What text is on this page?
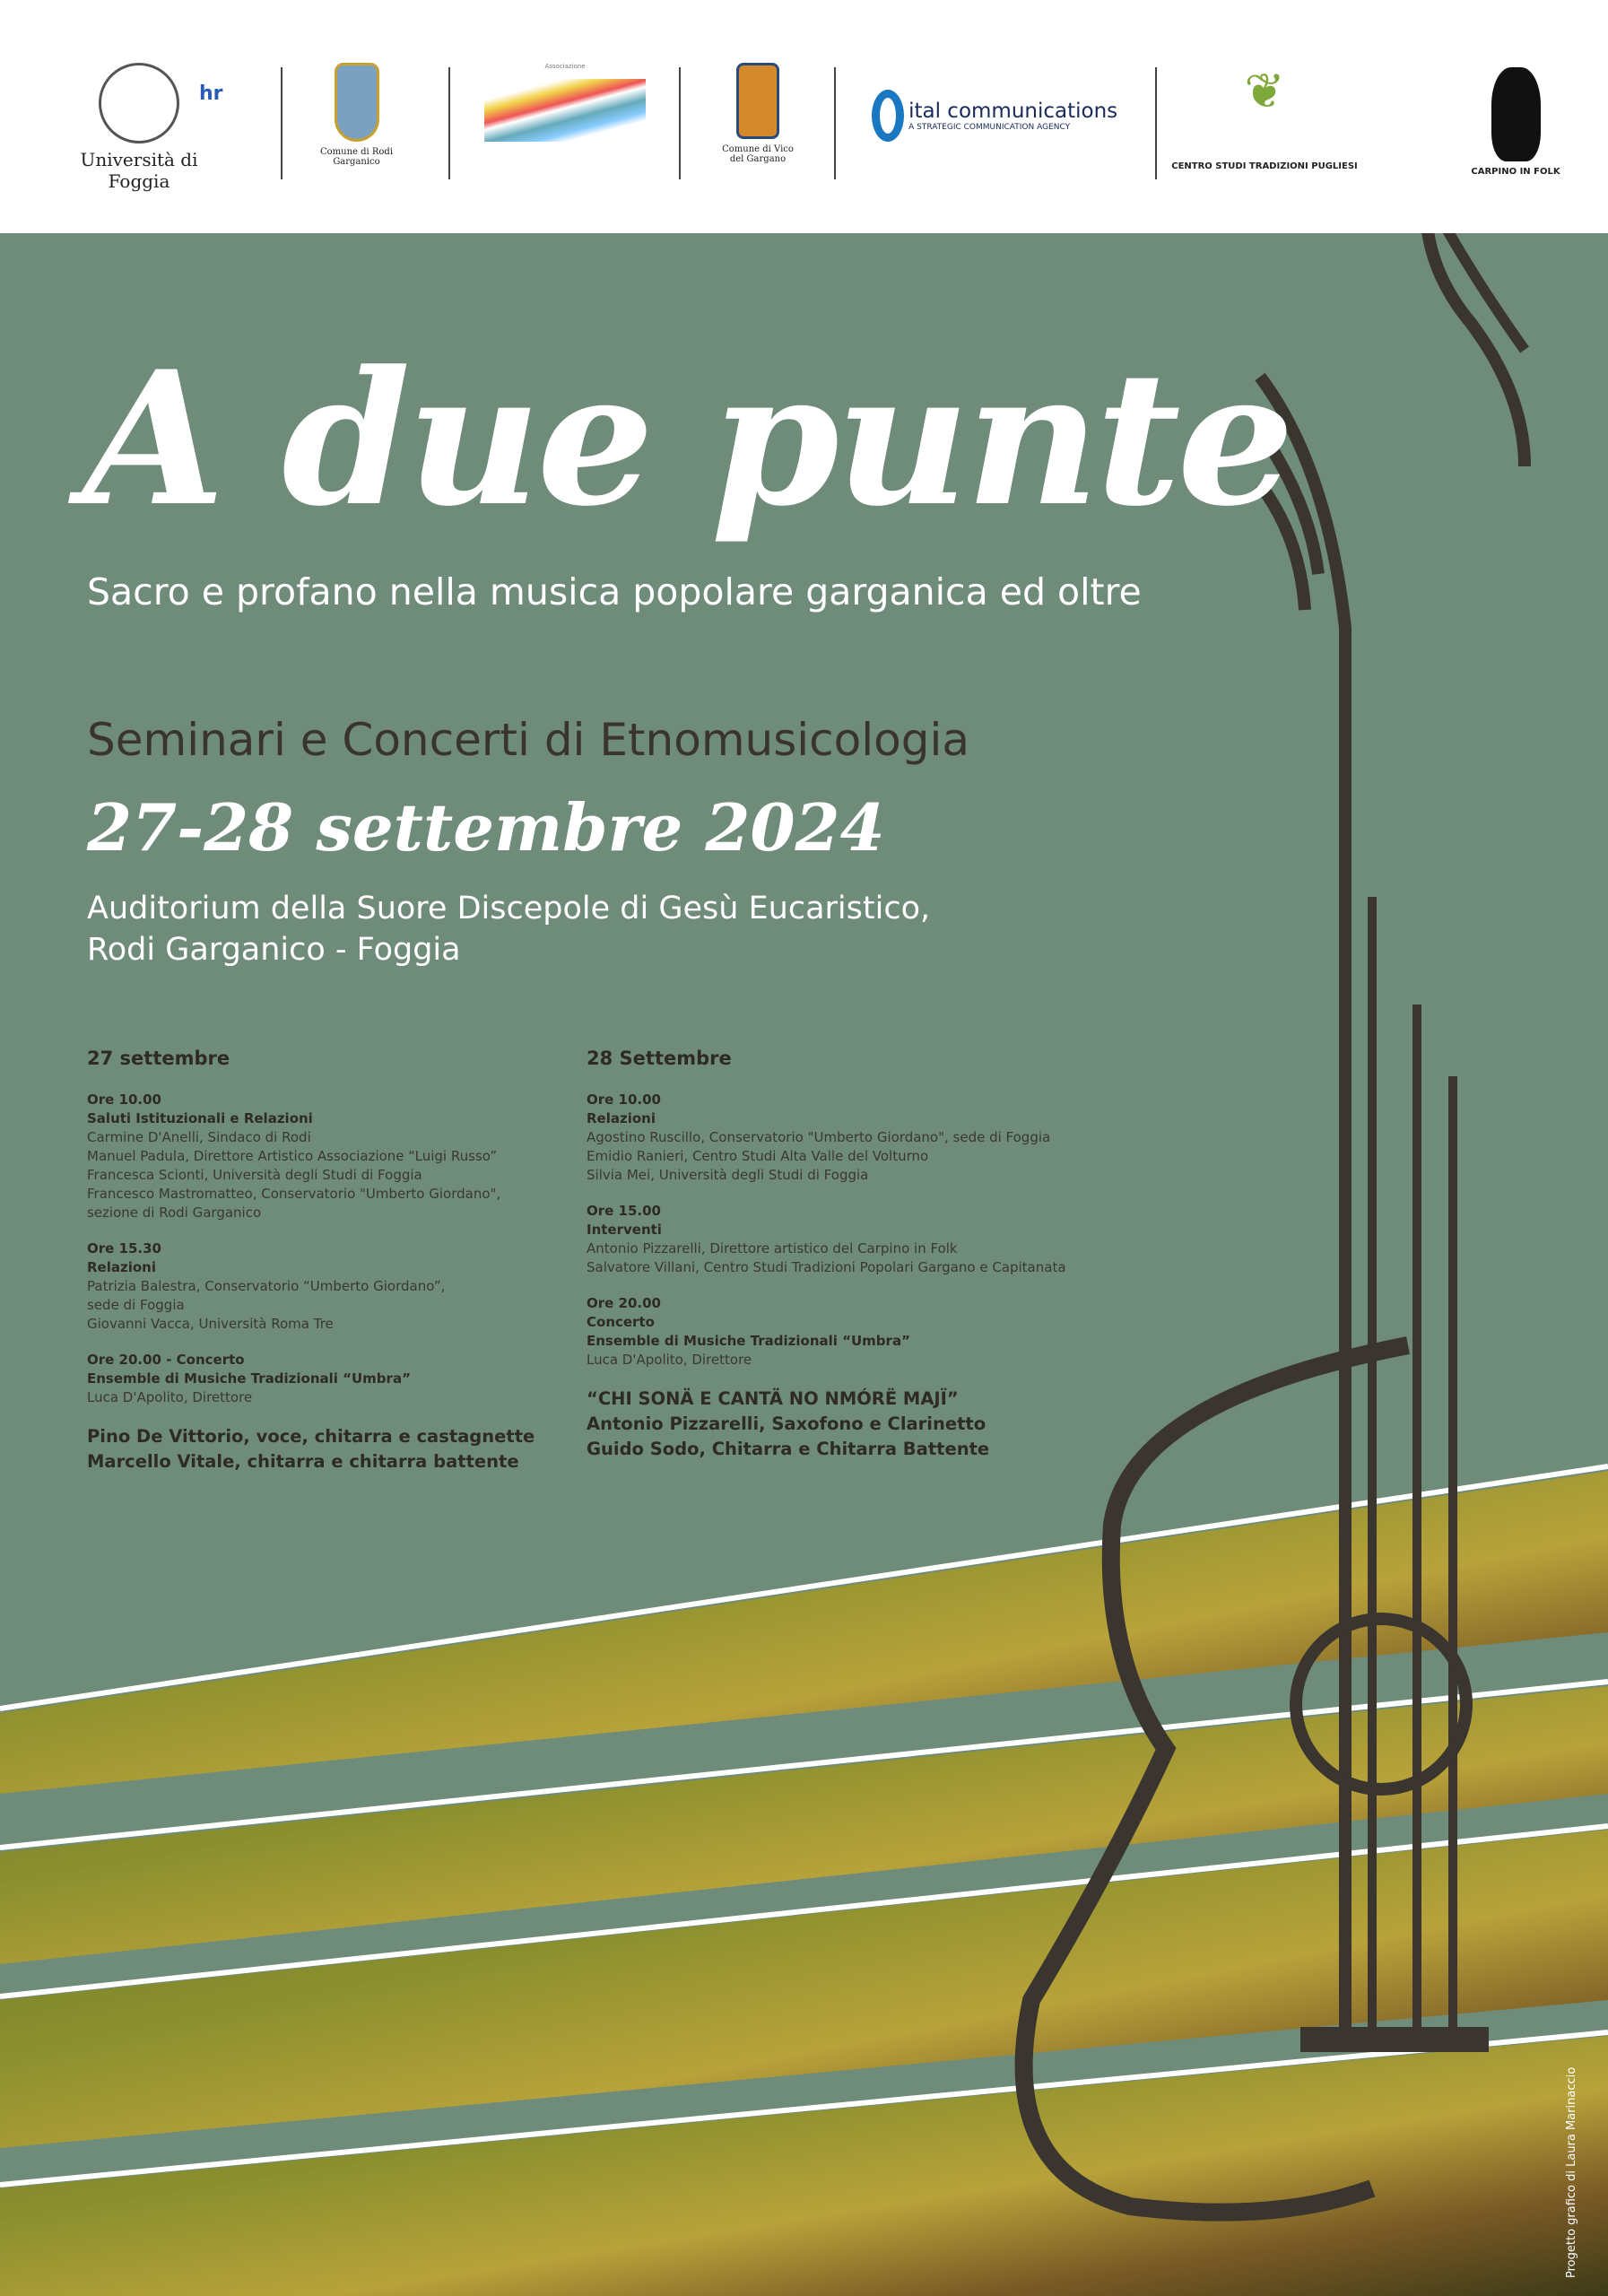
Università di Foggia
hr
Comune di Rodi Garganico
Associazione
Comune di Vico del Gargano

ital communications
A STRATEGIC COMMUNICATION AGENCY
❦
CENTRO STUDI TRADIZIONI PUGLIESI
CARPINO IN FOLK
A due punte
Sacro e profano nella musica popolare garganica ed oltre
Seminari e Concerti di Etnomusicologia
27-28 settembre 2024
Auditorium della Suore Discepole di Gesù Eucaristico,
Rodi Garganico - Foggia
27 settembre
Ore 10.00
Saluti Istituzionali e Relazioni
Carmine D'Anelli, Sindaco di Rodi
Manuel Padula, Direttore Artistico Associazione “Luigi Russo”
Francesca Scionti, Università degli Studi di Foggia
Francesco Mastromatteo, Conservatorio "Umberto Giordano",
sezione di Rodi Garganico
Ore 15.30
Relazioni
Patrizia Balestra, Conservatorio “Umberto Giordano”,
sede di Foggia
Giovanni Vacca, Università Roma Tre
Ore 20.00 - Concerto
Ensemble di Musiche Tradizionali “Umbra”
Luca D'Apolito, Direttore
Pino De Vittorio, voce, chitarra e castagnette
Marcello Vitale, chitarra e chitarra battente
28 Settembre
Ore 10.00
Relazioni
Agostino Ruscillo, Conservatorio "Umberto Giordano", sede di Foggia
Emidio Ranieri, Centro Studi Alta Valle del Volturno
Silvia Mei, Università degli Studi di Foggia
Ore 15.00
Interventi
Antonio Pizzarelli, Direttore artistico del Carpino in Folk
Salvatore Villani, Centro Studi Tradizioni Popolari Gargano e Capitanata
Ore 20.00
Concerto
Ensemble di Musiche Tradizionali “Umbra”
Luca D'Apolito, Direttore
“CHI SONÄ E CANTÄ NO NMÓRË MAJÏ”
Antonio Pizzarelli, Saxofono e Clarinetto
Guido Sodo, Chitarra e Chitarra Battente
Progetto grafico di Laura Marinaccio
